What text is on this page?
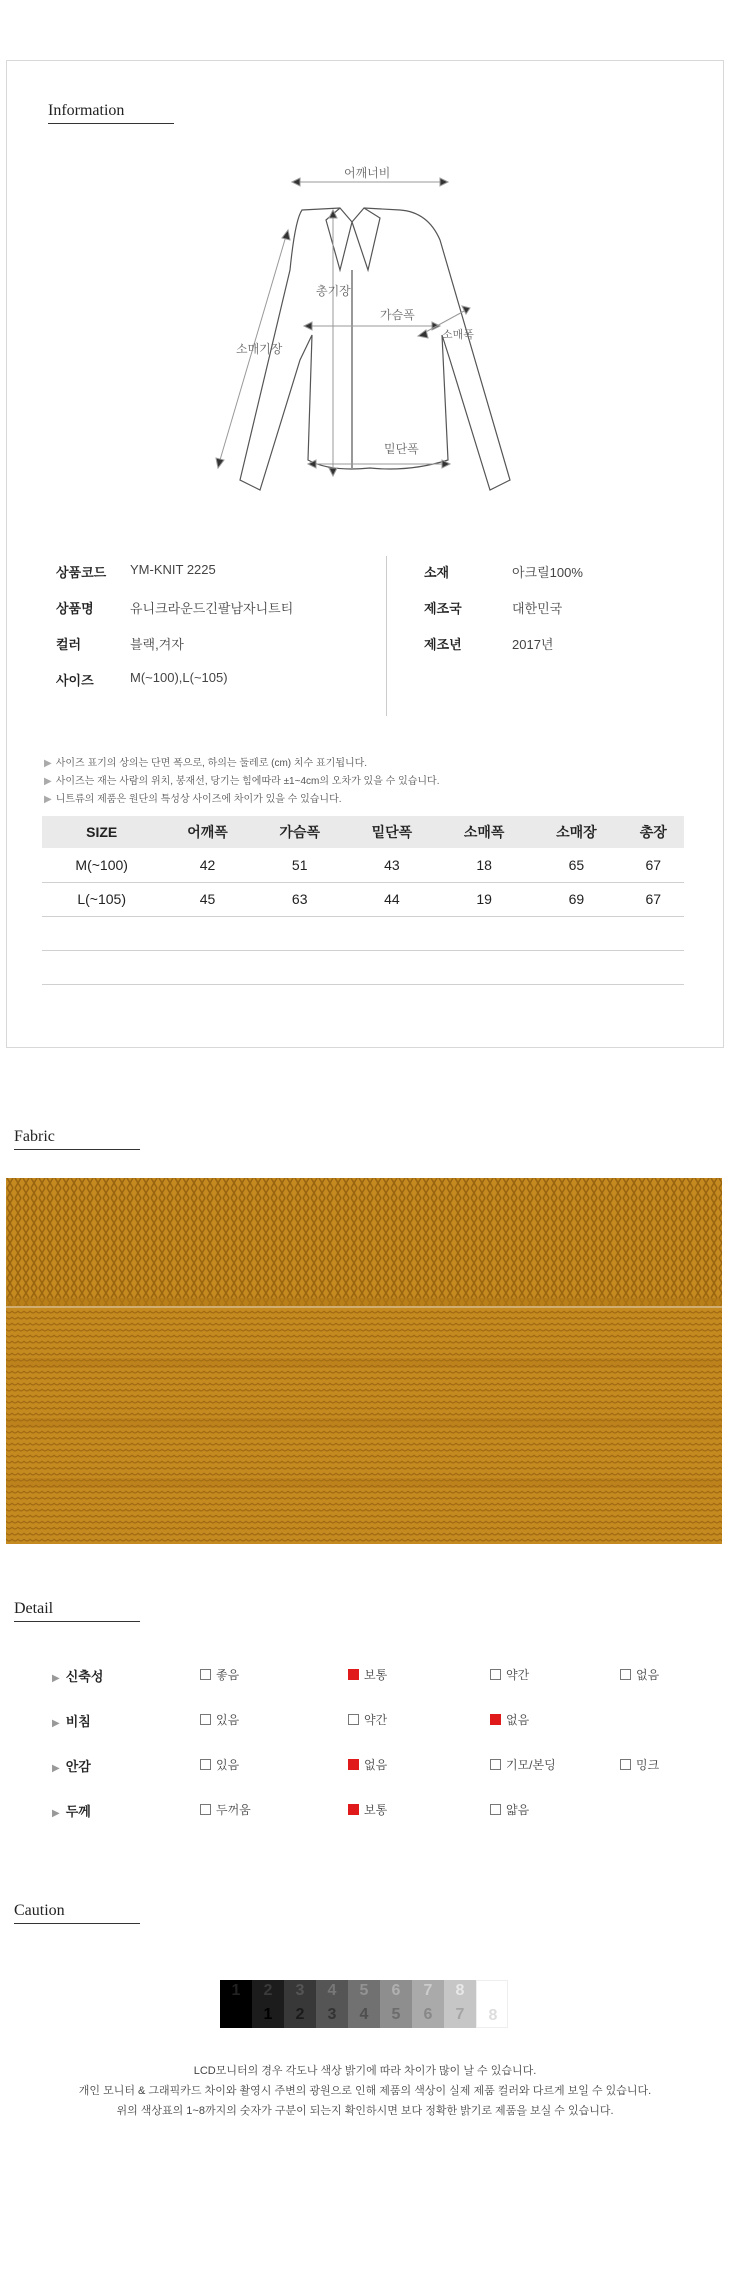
Information
어깨너비
총기장
가슴폭
소매기장
소매폭
밑단폭
상품코드 YM-KNIT 2225
상품명	유니크라운드긴팔남자니트티
컬러	블랙,겨자
사이즈	M(~100),L(~105)
소재	아크릴100%
제조국	대한민국
제조년	2017년
▶ 사이즈 표기의 상의는 단면 폭으로, 하의는 둘레로 (cm) 치수 표기됩니다.
▶ 사이즈는 재는 사람의 위치, 봉재선, 당기는 힘에따라 ±1~4cm의 오차가 있을 수 있습니다.
▶ 니트류의 제품은 원단의 특성상 사이즈에 차이가 있을 수 있습니다.
SIZE	어깨폭	가슴폭	밑단폭	소매폭	소매장	총장
M(~100)	42	51	43	18	65	67
L(~105)	45	63	44	19	69	67
Fabric
Detail
▶ 신축성	좋음	보통	약간	없음
▶ 비침	있음	약간	없음
▶ 안감	있음	없음	기모/본딩	밍크
▶ 두께	두꺼움	보통	얇음
Caution
1	2
1
3
2
4
3
5
4
6
5
7
6
8
7	8
LCD모니터의 경우 각도나 색상 밝기에 따라 차이가 많이 날 수 있습니다.
개인 모니터 & 그래픽카드 차이와 촬영시 주변의 광원으로 인해 제품의 색상이 실제 제품 컬러와 다르게 보일 수 있습니다.
위의 색상표의 1~8까지의 숫자가 구분이 되는지 확인하시면 보다 정확한 밝기로 제품을 보실 수 있습니다.
